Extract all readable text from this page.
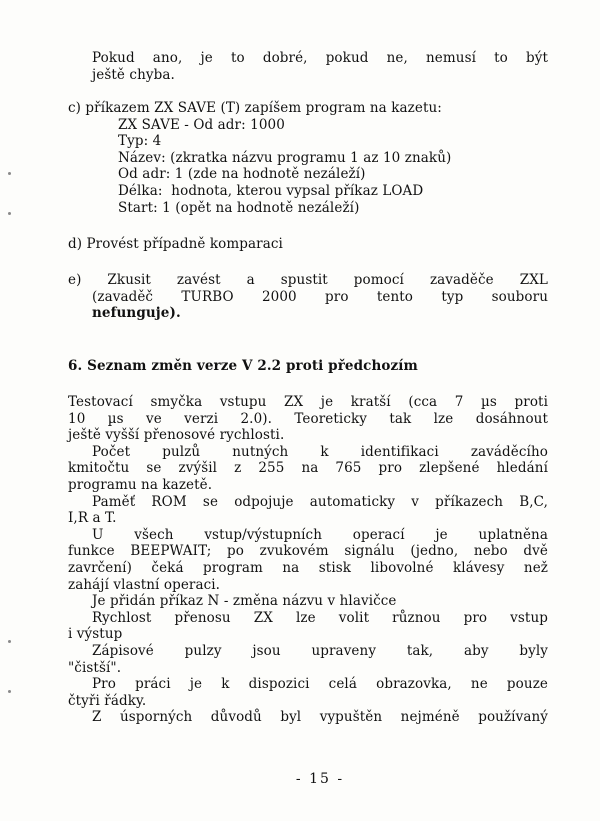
Pokud ano, je to dobré, pokud ne, nemusí to být
ještě chyba.
c) příkazem ZX SAVE (T) zapíšem program na kazetu:
ZX SAVE - Od adr: 1000
Typ: 4
Název: (zkratka názvu programu 1 az 10 znaků)
Od adr: 1 (zde na hodnotě nezáleží)
Délka:  hodnota, kterou vypsal příkaz LOAD
Start: 1 (opět na hodnotě nezáleží)
d) Provést případně komparaci
e) Zkusit zavést a spustit pomocí zavaděče ZXL
(zavaděč TURBO 2000 pro tento typ souboru
nefunguje).
6. Seznam změn verze V 2.2 proti předchozím
Testovací smyčka vstupu ZX je kratší (cca 7 µs proti
10 µs ve verzi 2.0). Teoreticky tak lze dosáhnout
ještě vyšší přenosové rychlosti.
Počet pulzů nutných k identifikaci zaváděcího
kmitočtu se zvýšil z 255 na 765 pro zlepšené hledání
programu na kazetě.
Paměť ROM se odpojuje automaticky v příkazech B,C,
I,R a T.
U všech vstup/výstupních operací je uplatněna
funkce BEEPWAIT; po zvukovém signálu (jedno, nebo dvě
zavrčení) čeká program na stisk libovolné klávesy než
zahájí vlastní operaci.
Je přidán příkaz N - změna názvu v hlavičce
Rychlost přenosu ZX lze volit různou pro vstup
i výstup
Zápisové pulzy jsou upraveny tak, aby byly
"čistší".
Pro práci je k dispozici celá obrazovka, ne pouze
čtyři řádky.
Z úsporných důvodů byl vypuštěn nejméně používaný
- 15 -
